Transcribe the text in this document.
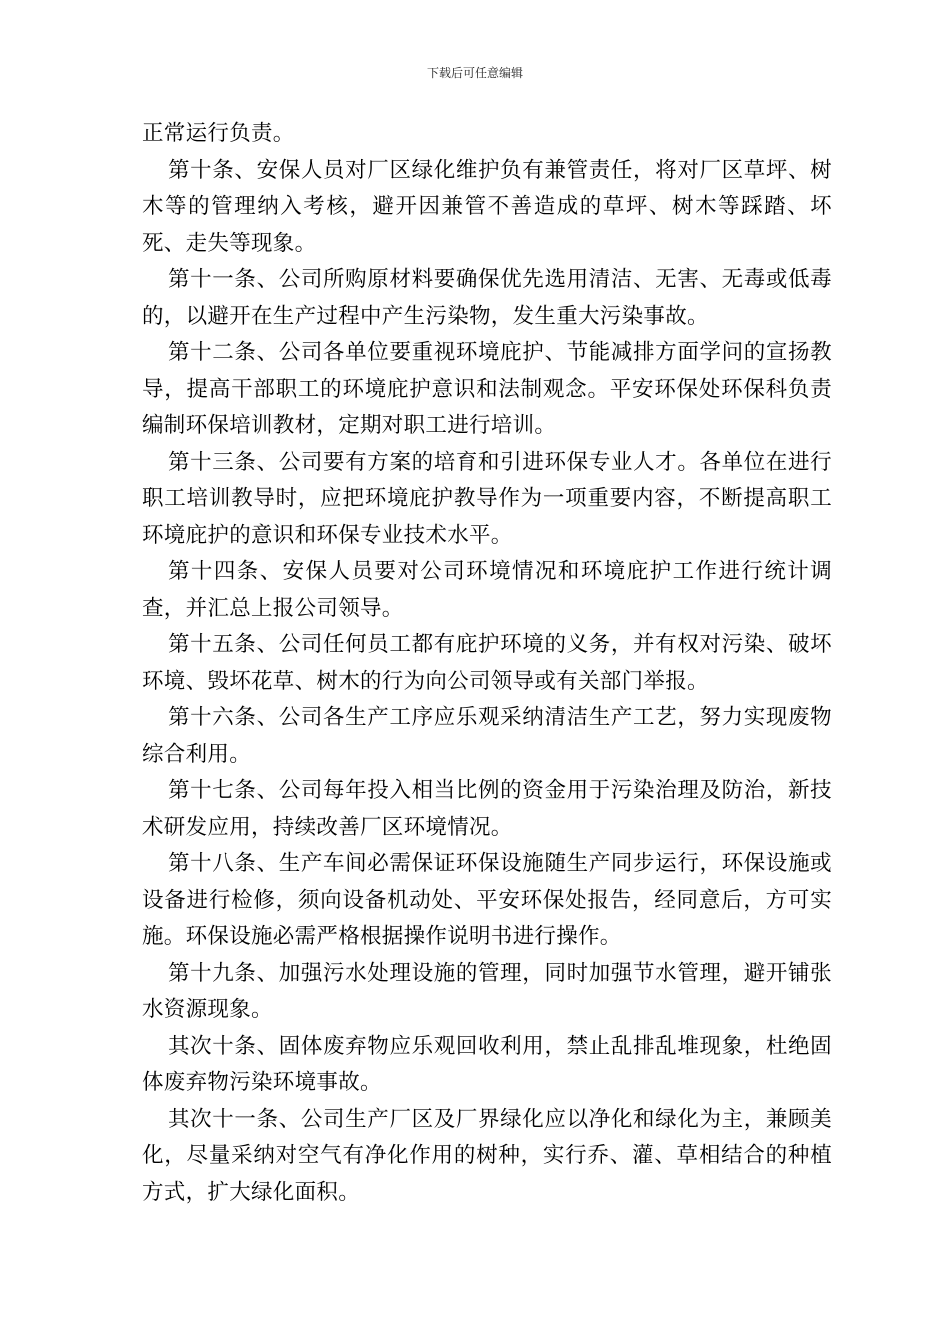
下载后可任意编辑

正常运行负责。

第十条、安保人员对厂区绿化维护负有兼管责任，将对厂区草坪、树木等的管理纳入考核，避开因兼管不善造成的草坪、树木等踩踏、坏死、走失等现象。

第十一条、公司所购原材料要确保优先选用清洁、无害、无毒或低毒的，以避开在生产过程中产生污染物，发生重大污染事故。

第十二条、公司各单位要重视环境庇护、节能减排方面学问的宣扬教导，提高干部职工的环境庇护意识和法制观念。平安环保处环保科负责编制环保培训教材，定期对职工进行培训。

第十三条、公司要有方案的培育和引进环保专业人才。各单位在进行职工培训教导时，应把环境庇护教导作为一项重要内容，不断提高职工环境庇护的意识和环保专业技术水平。

第十四条、安保人员要对公司环境情况和环境庇护工作进行统计调查，并汇总上报公司领导。

第十五条、公司任何员工都有庇护环境的义务，并有权对污染、破坏环境、毁坏花草、树木的行为向公司领导或有关部门举报。

第十六条、公司各生产工序应乐观采纳清洁生产工艺，努力实现废物综合利用。

第十七条、公司每年投入相当比例的资金用于污染治理及防治，新技术研发应用，持续改善厂区环境情况。

第十八条、生产车间必需保证环保设施随生产同步运行，环保设施或设备进行检修，须向设备机动处、平安环保处报告，经同意后，方可实施。环保设施必需严格根据操作说明书进行操作。

第十九条、加强污水处理设施的管理，同时加强节水管理，避开铺张水资源现象。

其次十条、固体废弃物应乐观回收利用，禁止乱排乱堆现象，杜绝固体废弃物污染环境事故。

其次十一条、公司生产厂区及厂界绿化应以净化和绿化为主，兼顾美化，尽量采纳对空气有净化作用的树种，实行乔、灌、草相结合的种植方式，扩大绿化面积。
